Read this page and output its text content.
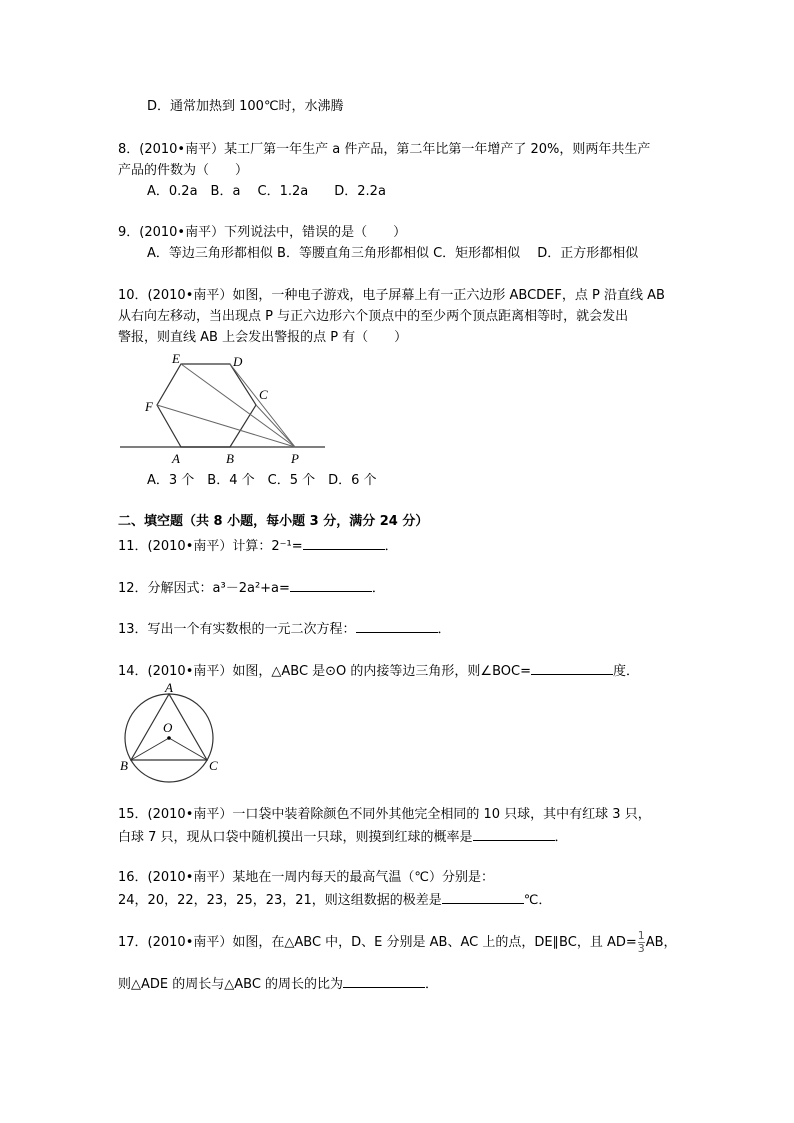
D．通常加热到 100℃时，水沸腾
8．(2010•南平）某工厂第一年生产 a 件产品，第二年比第一年增产了 20%，则两年共生产
产品的件数为（　　）
A．0.2a　B．a　 C．1.2a　　D．2.2a
9．(2010•南平）下列说法中，错误的是（　　）
A．等边三角形都相似 B．等腰直角三角形都相似 C．矩形都相似　 D．正方形都相似
10．(2010•南平）如图，一种电子游戏，电子屏幕上有一正六边形 ABCDEF，点 P 沿直线 AB
从右向左移动，当出现点 P 与正六边形六个顶点中的至少两个顶点距离相等时，就会发出
警报，则直线 AB 上会发出警报的点 P 有（　　）
E	D
C
F
A	B	P
A．3 个　B．4 个　C．5 个　D．6 个
二、填空题（共 8 小题，每小题 3 分，满分 24 分）
11．(2010•南平）计算：2⁻¹=	．
12．分解因式：a³－2a²+a=	．
13．写出一个有实数根的一元二次方程：	．
14．(2010•南平）如图，△ABC 是⊙O 的内接等边三角形，则∠BOC=	度．
A
O
B	C
15．(2010•南平）一口袋中装着除颜色不同外其他完全相同的 10 只球，其中有红球 3 只，
白球 7 只，现从口袋中随机摸出一只球，则摸到红球的概率是	．
16．(2010•南平）某地在一周内每天的最高气温（℃）分别是：
24，20，22，23，25，23，21，则这组数据的极差是	℃．
17．(2010•南平）如图，在△ABC 中，D、E 分别是 AB、AC 上的点，DE∥BC，且 $AD= \frac{1}{3}$ AB，
则△ADE 的周长与△ABC 的周长的比为	．
